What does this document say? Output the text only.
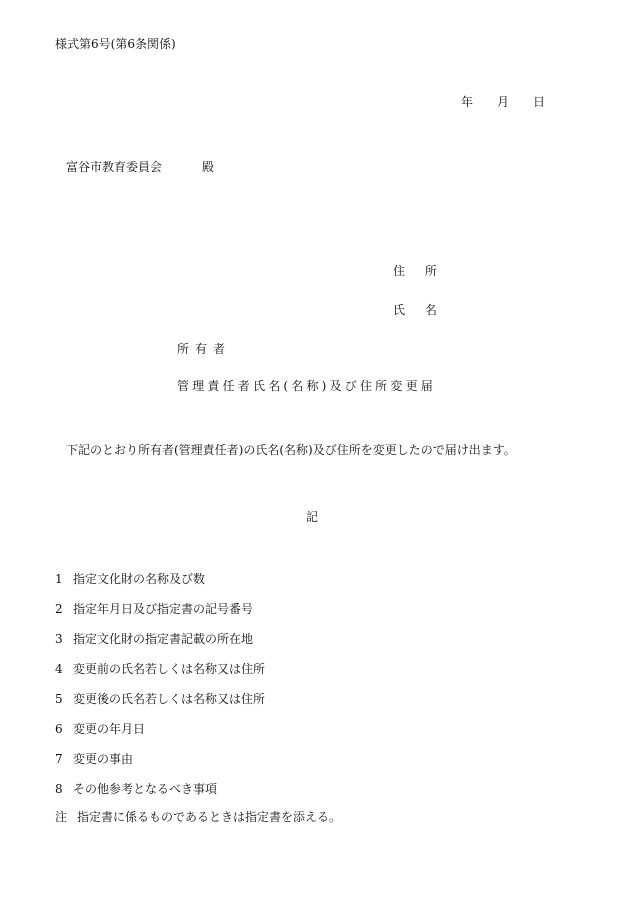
様式第6号(第6条関係)
年 月 日
富谷市教育委員会	殿
住 所
氏 名
所有者
管理責任者氏名(名称)及び住所変更届
下記のとおり所有者(管理責任者)の氏名(名称)及び住所を変更したので届け出ます。
記
1 指定文化財の名称及び数
2 指定年月日及び指定書の記号番号
3 指定文化財の指定書記載の所在地
4 変更前の氏名若しくは名称又は住所
5 変更後の氏名若しくは名称又は住所
6 変更の年月日
7 変更の事由
8 その他参考となるべき事項
注 指定書に係るものであるときは指定書を添える。
